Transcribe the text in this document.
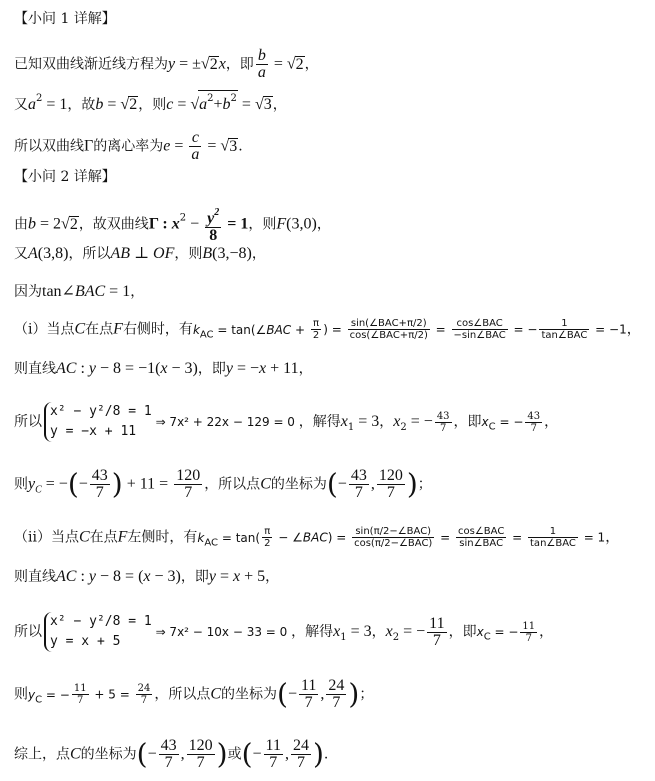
【小问 1 详解】
已知双曲线渐近线方程为y = ±√2x，即 $\frac{b}{a} = √2$，
又$a^2 = 1$，故b = √2，则$c = √a^2+b^2 = √3$，
所以双曲线Γ的离心率为$e = \frac{c}{a} = √3$.
【小问 2 详解】
由b = 2√2，故双曲线Γ : $x^2 - \frac{y^2}{8} = 1$，则F(3,0)，
又A(3,8)，所以AB ⊥ OF，则B(3,−8)，
因为tan∠BAC = 1，
（i）当点C在点F右侧时，有$k_{AC}$ = tan(∠BAC + $\frac{\pi}{2}$ ) = $\frac{\text{sin(∠BAC+π/2)}}{\text{cos(∠BAC+π/2)}} = \frac{\text{cos∠BAC}}{\text{−sin∠BAC}}$ = − $\frac{1}{\text{tan∠BAC}} = -1$，
则直线AC : y − 8 = −1(x − 3)，即y = −x + 11，
所以
x² − y²/8 = 1
y = −x + 11
⇒ 7x² + 22x − 129 = 0 ，解得$x_1 = 3$，$x_2$ = − $\frac{43}{7}$ ，即$x_C$ = − $\frac{43}{7}$ ，
则$y_C$ = −(− $\frac{43}{7}$ ) + $11 = \frac{120}{7}$ ，所以点C的坐标为(− $\frac{43}{7}$ , $\frac{120}{7}$ )；
（ii）当点C在点F左侧时，有$k_{AC} = \tan( \frac{\pi}{2}$ − ∠BAC) = $\frac{\text{sin(π/2−∠BAC)}}{\text{cos(π/2−∠BAC)}} = \frac{\text{cos∠BAC}}{\text{sin∠BAC}} = \frac{1}{\text{tan∠BAC}} = 1$，
则直线AC : y − 8 = (x − 3)，即y = x + 5，
所以
x² − y²/8 = 1
y = x + 5
⇒ 7x² − 10x − 33 = 0 ，解得$x_1 = 3$，$x_2$ = − $\frac{11}{7}$ ，即$x_C$ = − $\frac{11}{7}$ ，
则$y_C$ = − $\frac{11}{7} + 5 = \frac{24}{7}$ ，所以点C的坐标为(− $\frac{11}{7}$ , $\frac{24}{7}$ )；
综上，点C的坐标为(− $\frac{43}{7}$ , $\frac{120}{7}$ )或(− $\frac{11}{7}$ , $\frac{24}{7}$ ).
